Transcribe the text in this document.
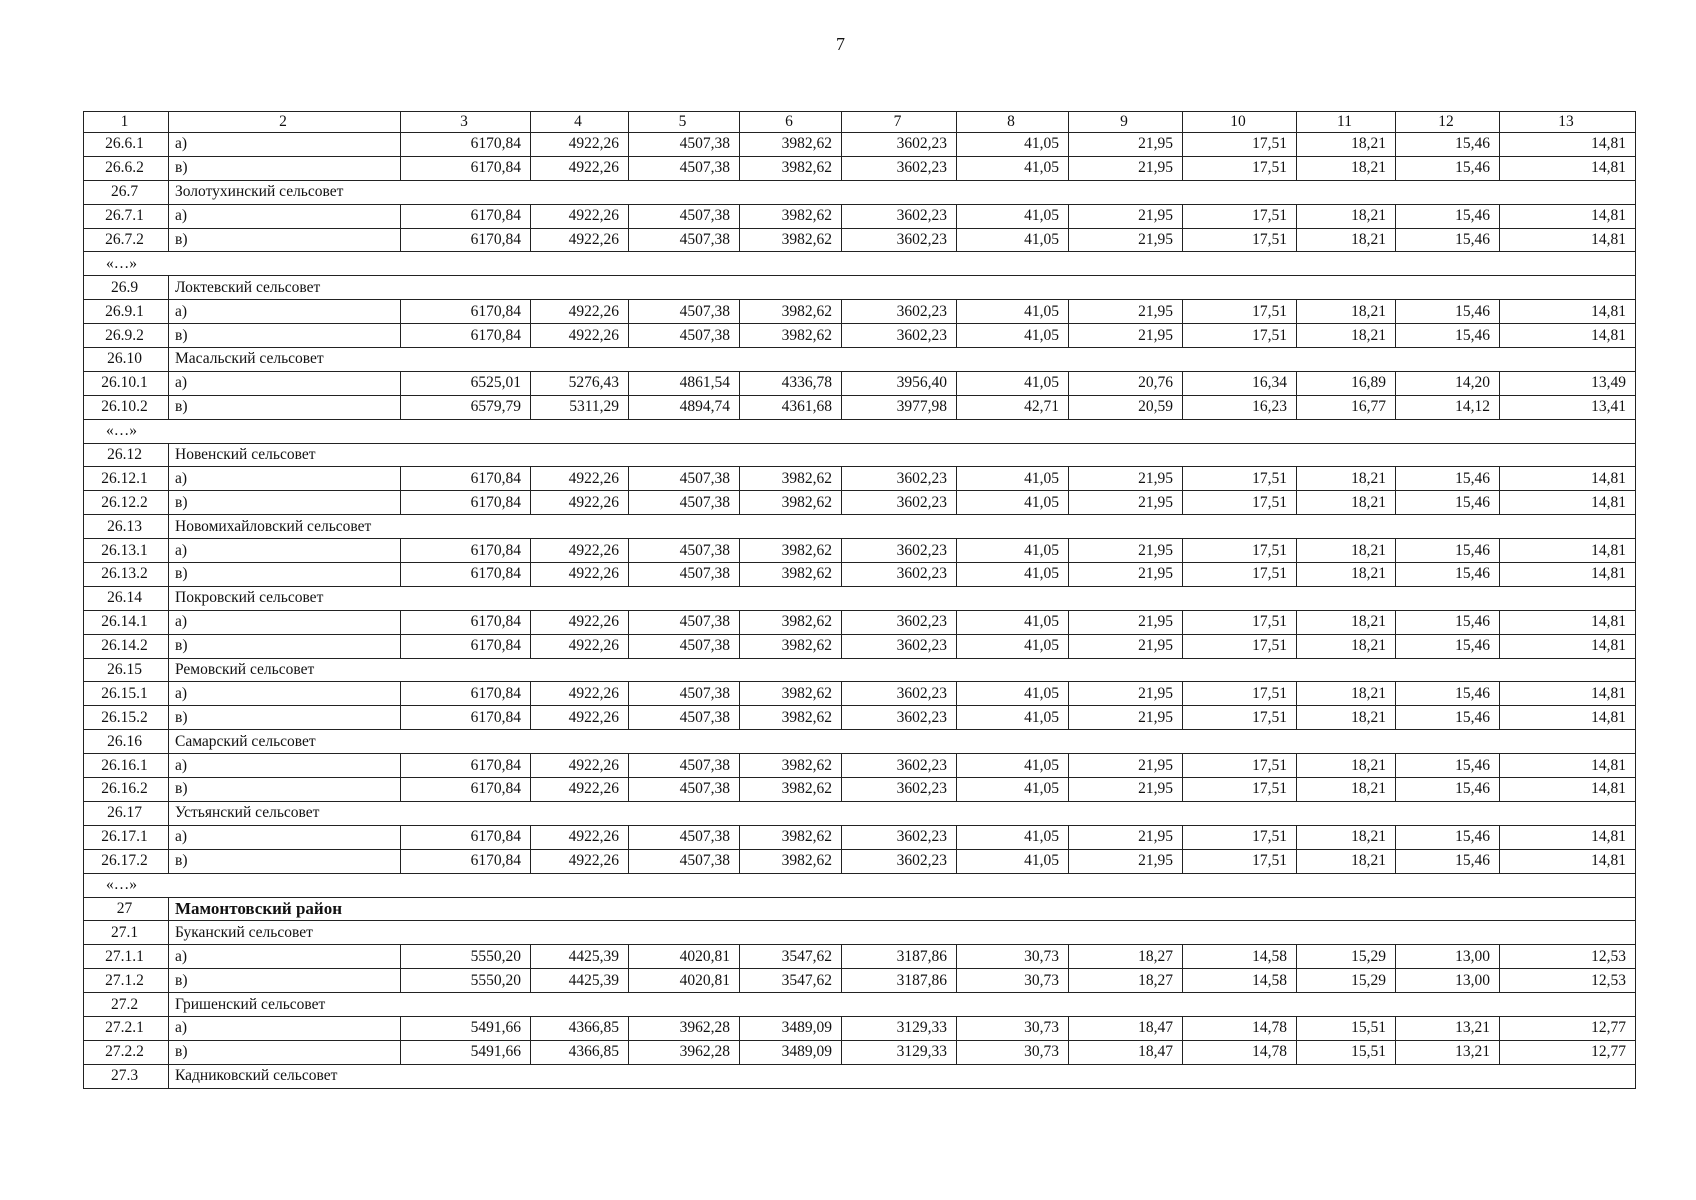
7
1	2	3	4	5	6	7	8	9	10	11	12	13
26.6.1	а)	6170,84	4922,26	4507,38	3982,62	3602,23	41,05	21,95	17,51	18,21	15,46	14,81
26.6.2	в)	6170,84	4922,26	4507,38	3982,62	3602,23	41,05	21,95	17,51	18,21	15,46	14,81
26.7	Золотухинский сельсовет											
26.7.1	а)	6170,84	4922,26	4507,38	3982,62	3602,23	41,05	21,95	17,51	18,21	15,46	14,81
26.7.2	в)	6170,84	4922,26	4507,38	3982,62	3602,23	41,05	21,95	17,51	18,21	15,46	14,81
«…»												
26.9	Локтевский сельсовет											
26.9.1	а)	6170,84	4922,26	4507,38	3982,62	3602,23	41,05	21,95	17,51	18,21	15,46	14,81
26.9.2	в)	6170,84	4922,26	4507,38	3982,62	3602,23	41,05	21,95	17,51	18,21	15,46	14,81
26.10	Масальский сельсовет											
26.10.1	а)	6525,01	5276,43	4861,54	4336,78	3956,40	41,05	20,76	16,34	16,89	14,20	13,49
26.10.2	в)	6579,79	5311,29	4894,74	4361,68	3977,98	42,71	20,59	16,23	16,77	14,12	13,41
«…»												
26.12	Новенский сельсовет											
26.12.1	а)	6170,84	4922,26	4507,38	3982,62	3602,23	41,05	21,95	17,51	18,21	15,46	14,81
26.12.2	в)	6170,84	4922,26	4507,38	3982,62	3602,23	41,05	21,95	17,51	18,21	15,46	14,81
26.13	Новомихайловский сельсовет											
26.13.1	а)	6170,84	4922,26	4507,38	3982,62	3602,23	41,05	21,95	17,51	18,21	15,46	14,81
26.13.2	в)	6170,84	4922,26	4507,38	3982,62	3602,23	41,05	21,95	17,51	18,21	15,46	14,81
26.14	Покровский сельсовет											
26.14.1	а)	6170,84	4922,26	4507,38	3982,62	3602,23	41,05	21,95	17,51	18,21	15,46	14,81
26.14.2	в)	6170,84	4922,26	4507,38	3982,62	3602,23	41,05	21,95	17,51	18,21	15,46	14,81
26.15	Ремовский сельсовет											
26.15.1	а)	6170,84	4922,26	4507,38	3982,62	3602,23	41,05	21,95	17,51	18,21	15,46	14,81
26.15.2	в)	6170,84	4922,26	4507,38	3982,62	3602,23	41,05	21,95	17,51	18,21	15,46	14,81
26.16	Самарский сельсовет											
26.16.1	а)	6170,84	4922,26	4507,38	3982,62	3602,23	41,05	21,95	17,51	18,21	15,46	14,81
26.16.2	в)	6170,84	4922,26	4507,38	3982,62	3602,23	41,05	21,95	17,51	18,21	15,46	14,81
26.17	Устьянский сельсовет											
26.17.1	а)	6170,84	4922,26	4507,38	3982,62	3602,23	41,05	21,95	17,51	18,21	15,46	14,81
26.17.2	в)	6170,84	4922,26	4507,38	3982,62	3602,23	41,05	21,95	17,51	18,21	15,46	14,81
«…»												
27	Мамонтовский район											
27.1	Буканский сельсовет											
27.1.1	а)	5550,20	4425,39	4020,81	3547,62	3187,86	30,73	18,27	14,58	15,29	13,00	12,53
27.1.2	в)	5550,20	4425,39	4020,81	3547,62	3187,86	30,73	18,27	14,58	15,29	13,00	12,53
27.2	Гришенский сельсовет											
27.2.1	а)	5491,66	4366,85	3962,28	3489,09	3129,33	30,73	18,47	14,78	15,51	13,21	12,77
27.2.2	в)	5491,66	4366,85	3962,28	3489,09	3129,33	30,73	18,47	14,78	15,51	13,21	12,77
27.3	Кадниковский сельсовет											
